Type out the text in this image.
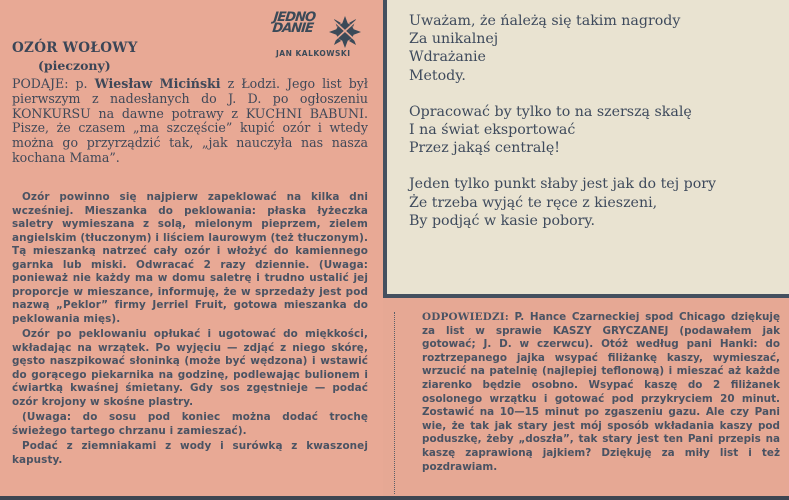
JEDNO
DANIE
JAN KALKOWSKI
OZÓR WOŁOWY
(pieczony)
PODAJE: p. Wiesław Miciński z Łodzi. Jego list był pierwszym z nadesłanych do J. D. po ogłoszeniu KONKURSU na dawne potrawy z KUCHNI BABUNI. Pisze, że czasem „ma szczęście” kupić ozór i wtedy można go przyrządzić tak, „jak nauczyła nas nasza kochana Mama”.

Ozór powinno się najpierw zapeklować na kilka dni wcześniej. Mieszanka do peklowania: płaska łyżeczka saletry wymieszana z solą, mielonym pieprzem, zielem angielskim (tłuczonym) i liściem laurowym (też tłuczonym). Tą mieszanką natrzeć cały ozór i włożyć do kamiennego garnka lub miski. Odwracać 2 razy dziennie. (Uwaga: ponieważ nie każdy ma w domu saletrę i trudno ustalić jej proporcje w mieszance, informuję, że w sprzedaży jest pod nazwą „Peklor” firmy Jerriel Fruit, gotowa mieszanka do peklowania mięs).

Ozór po peklowaniu opłukać i ugotować do miękkości, wkładając na wrzątek. Po wyjęciu — zdjąć z niego skórę, gęsto naszpikować słoninką (może być wędzona) i wstawić do gorącego piekarnika na godzinę, podlewając bulionem i ćwiartką kwaśnej śmietany. Gdy sos zgęstnieje — podać ozór krojony w skośne plastry.

(Uwaga: do sosu pod koniec można dodać trochę świeżego tartego chrzanu i zamieszać).

Podać z ziemniakami z wody i surówką z kwaszonej kapusty.

Uważam, że ńależą się takim nagrody
Za unikalnej
Wdrażanie
Metody.
Opracować by tylko to na szerszą skalę
I na świat eksportować
Przez jakąś centralę!
Jeden tylko punkt słaby jest jak do tej pory
Że trzeba wyjąć te ręce z kieszeni,
By podjąć w kasie pobory.
ODPOWIEDZI: P. Hance Czarneckiej spod Chicago dziękuję za list w sprawie KASZY GRYCZANEJ (podawałem jak gotować; J. D. w czerwcu). Otóż według pani Hanki: do roztrzepanego jajka wsypać filiżankę kaszy, wymieszać, wrzucić na patelnię (najlepiej teflonową) i mieszać aż każde ziarenko będzie osobno. Wsypać kaszę do 2 filiżanek osolonego wrzątku i gotować pod przykryciem 20 minut. Zostawić na 10—15 minut po zgaszeniu gazu. Ale czy Pani wie, że tak jak stary jest mój sposób wkładania kaszy pod poduszkę, żeby „doszła”, tak stary jest ten Pani przepis na kaszę zaprawioną jajkiem? Dziękuję za miły list i też pozdrawiam.
